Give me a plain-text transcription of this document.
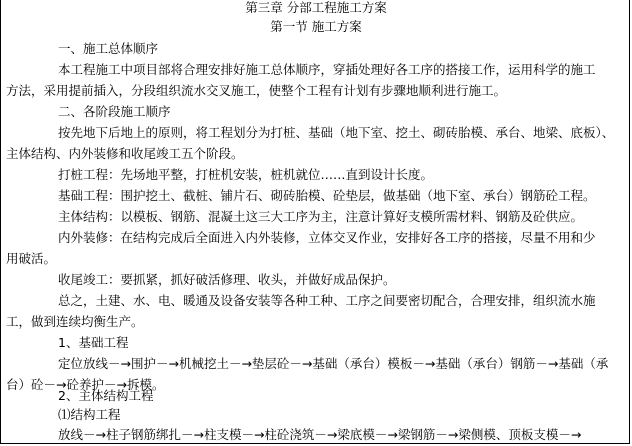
第三章 分部工程施工方案
第一节 施工方案
一、施工总体顺序
本工程施工中项目部将合理安排好施工总体顺序，穿插处理好各工序的搭接工作，运用科学的施工
方法，采用提前插入，分段组织流水交叉施工，使整个工程有计划有步骤地顺利进行施工。
二、各阶段施工顺序
按先地下后地上的原则，将工程划分为打桩、基础（地下室、挖土、砌砖胎模、承台、地梁、底板）、
主体结构、内外装修和收尾竣工五个阶段。
打桩工程：先场地平整，打桩机安装，桩机就位……直到设计长度。
基础工程：围护挖土、截桩、铺片石、砌砖胎模、砼垫层，做基础（地下室、承台）钢筋砼工程。
主体结构：以模板、钢筋、混凝土这三大工序为主，注意计算好支模所需材料、钢筋及砼供应。
内外装修：在结构完成后全面进入内外装修，立体交叉作业，安排好各工序的搭接，尽量不用和少
用破活。
收尾竣工：要抓紧，抓好破活修理、收头，并做好成品保护。
总之，土建、水、电、暖通及设备安装等各种工种、工序之间要密切配合，合理安排，组织流水施
工，做到连续均衡生产。
1、基础工程
定位放线－→围护－→机械挖土－→垫层砼－→基础（承台）模板－→基础（承台）钢筋－→基础（承
台）砼－→砼养护－→拆模。
2、主体结构工程
⑴结构工程
放线－→柱子钢筋绑扎－→柱支模－→柱砼浇筑－→梁底模－→梁钢筋－→梁侧模、顶板支模－→
